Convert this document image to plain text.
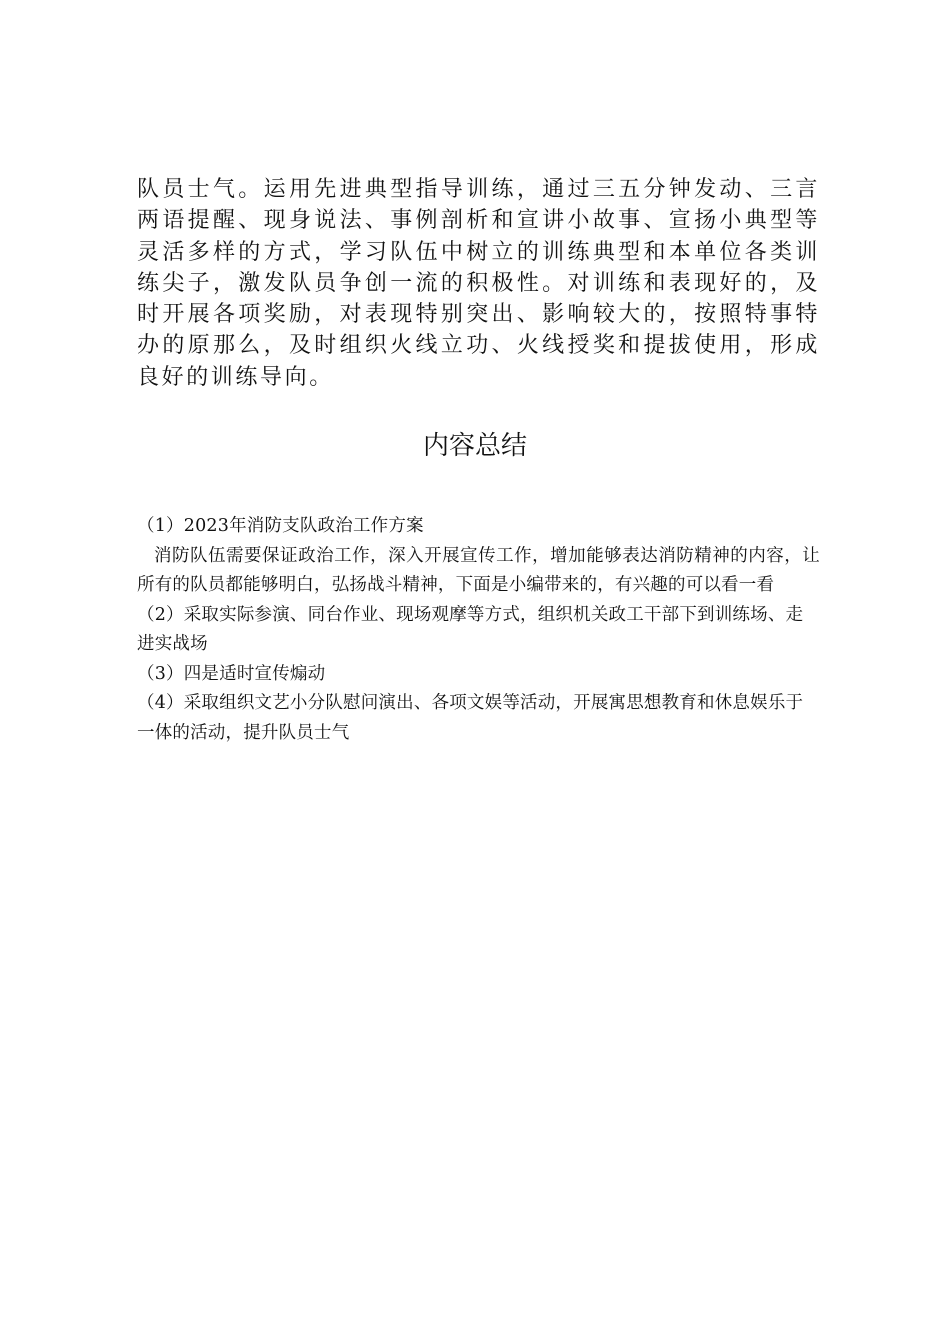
队员士气。运用先进典型指导训练，通过三五分钟发动、三言两语提醒、现身说法、事例剖析和宣讲小故事、宣扬小典型等灵活多样的方式，学习队伍中树立的训练典型和本单位各类训练尖子，激发队员争创一流的积极性。对训练和表现好的，及时开展各项奖励，对表现特别突出、影响较大的，按照特事特办的原那么，及时组织火线立功、火线授奖和提拔使用，形成良好的训练导向。

内容总结

（1）2023年消防支队政治工作方案

消防队伍需要保证政治工作，深入开展宣传工作，增加能够表达消防精神的内容，让所有的队员都能够明白，弘扬战斗精神，下面是小编带来的，有兴趣的可以看一看

（2）采取实际参演、同台作业、现场观摩等方式，组织机关政工干部下到训练场、走进实战场

（3）四是适时宣传煽动

（4）采取组织文艺小分队慰问演出、各项文娱等活动，开展寓思想教育和休息娱乐于一体的活动，提升队员士气
